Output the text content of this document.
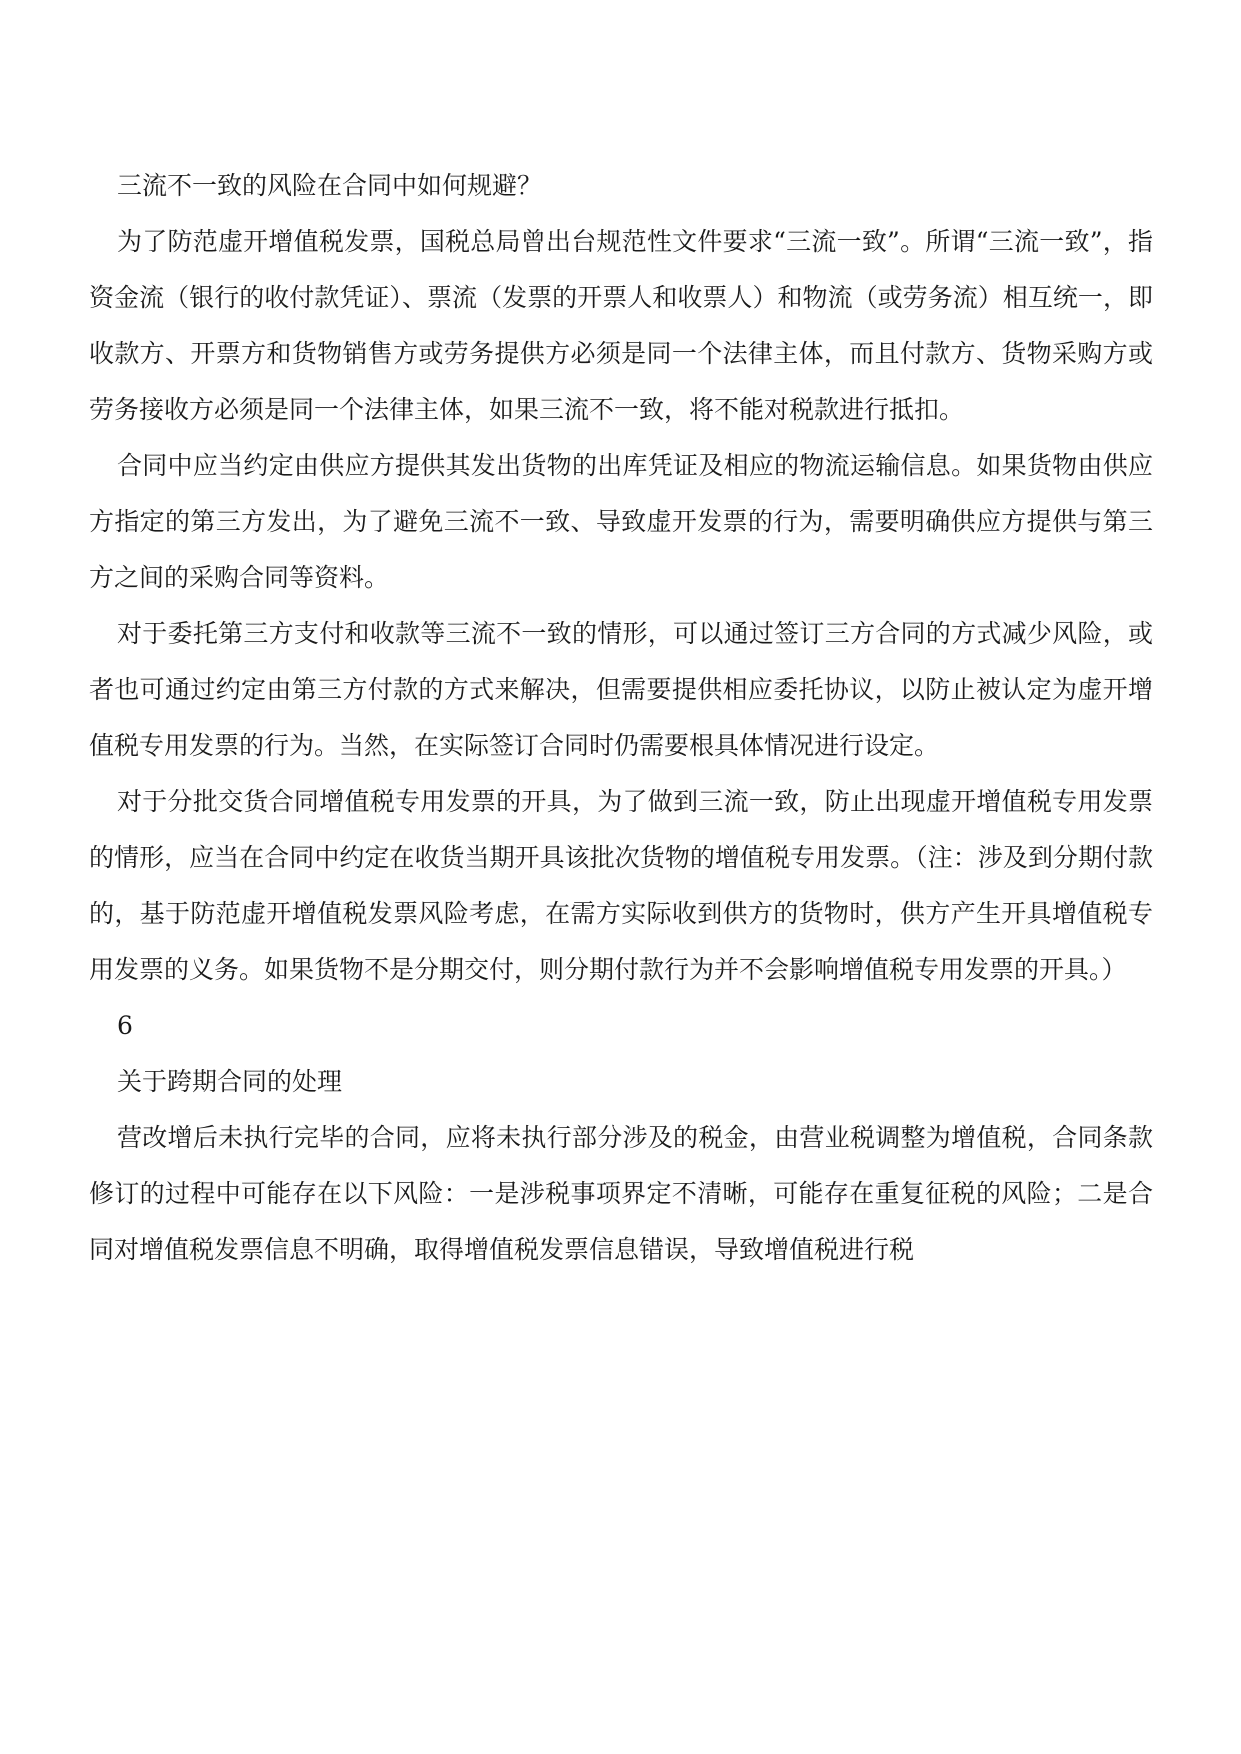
三流不一致的风险在合同中如何规避？

为了防范虚开增值税发票，国税总局曾出台规范性文件要求“三流一致”。所谓“三流一致”，指资金流（银行的收付款凭证）、票流（发票的开票人和收票人）和物流（或劳务流）相互统一，即收款方、开票方和货物销售方或劳务提供方必须是同一个法律主体，而且付款方、货物采购方或劳务接收方必须是同一个法律主体，如果三流不一致，将不能对税款进行抵扣。

合同中应当约定由供应方提供其发出货物的出库凭证及相应的物流运输信息。如果货物由供应方指定的第三方发出，为了避免三流不一致、导致虚开发票的行为，需要明确供应方提供与第三方之间的采购合同等资料。

对于委托第三方支付和收款等三流不一致的情形，可以通过签订三方合同的方式减少风险，或者也可通过约定由第三方付款的方式来解决，但需要提供相应委托协议，以防止被认定为虚开增值税专用发票的行为。当然，在实际签订合同时仍需要根具体情况进行设定。

对于分批交货合同增值税专用发票的开具，为了做到三流一致，防止出现虚开增值税专用发票的情形，应当在合同中约定在收货当期开具该批次货物的增值税专用发票。（注：涉及到分期付款的，基于防范虚开增值税发票风险考虑，在需方实际收到供方的货物时，供方产生开具增值税专用发票的义务。如果货物不是分期交付，则分期付款行为并不会影响增值税专用发票的开具。）

6

关于跨期合同的处理

营改增后未执行完毕的合同，应将未执行部分涉及的税金，由营业税调整为增值税，合同条款修订的过程中可能存在以下风险：一是涉税事项界定不清晰，可能存在重复征税的风险；二是合同对增值税发票信息不明确，取得增值税发票信息错误，导致增值税进行税
